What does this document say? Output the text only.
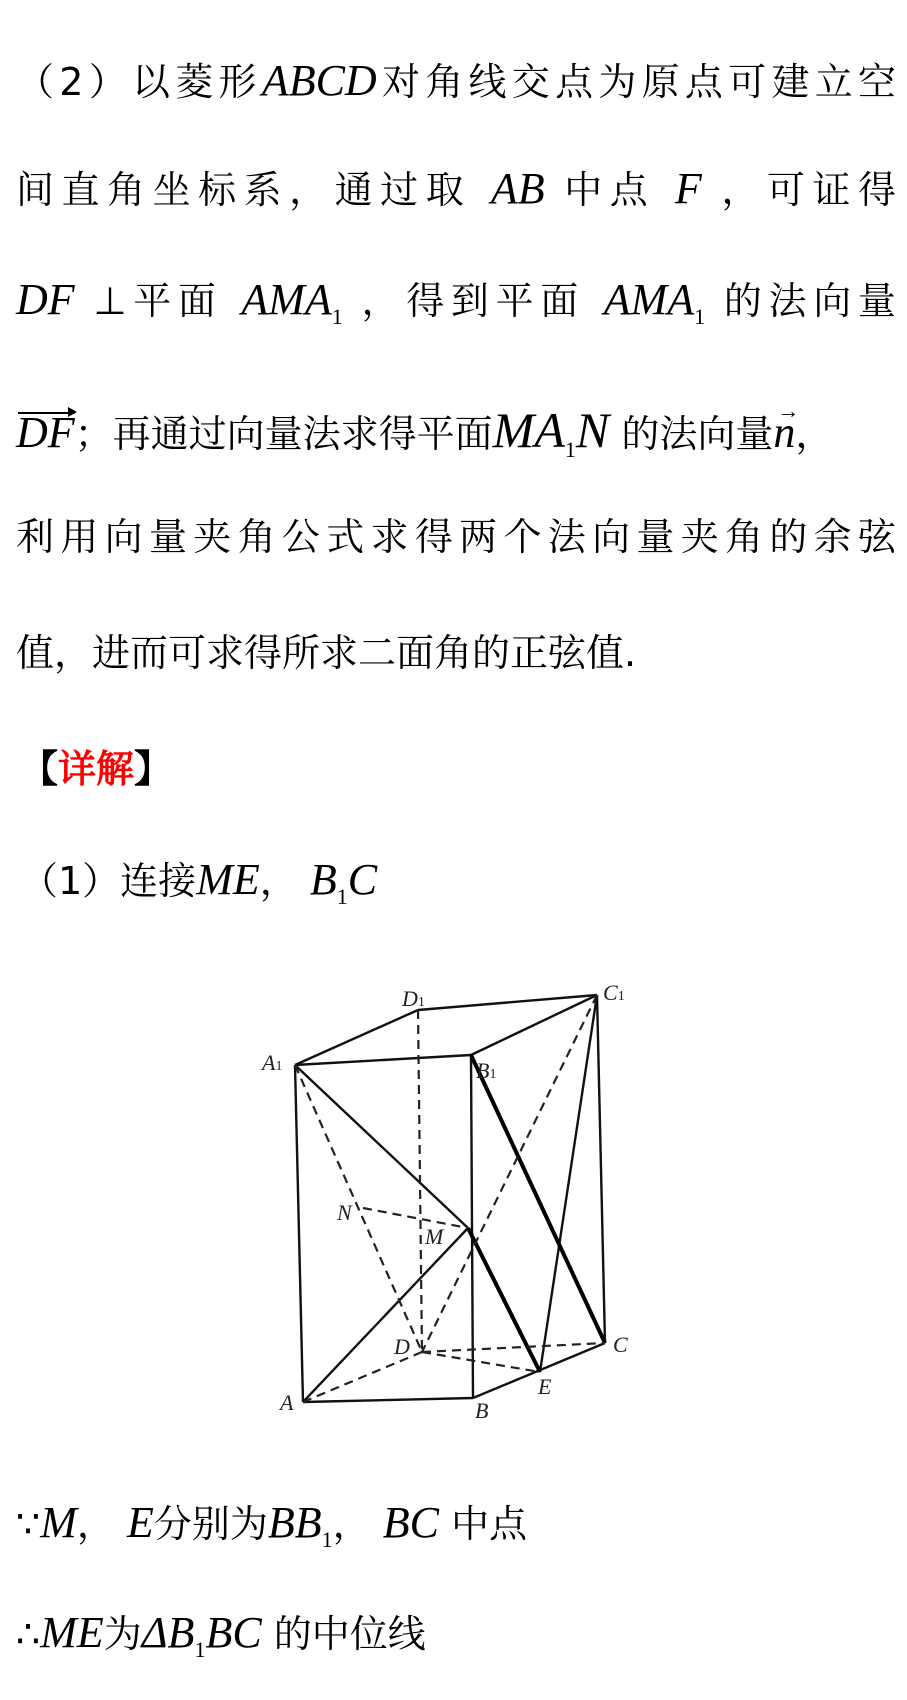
（2）以菱形ABCD对角线交点为原点可建立空
间直角坐标系，通过取 AB 中点 F ，可证得
DF ⊥平面 $AMA_1$ ，得到平面 $AMA_1$ 的法向量
DF；再通过向量法求得平面$MA_1N$ 的法向量→ n，
利用向量夹角公式求得两个法向量夹角的余弦
值，进而可求得所求二面角的正弦值.
【详解】
（1）连接ME， $B_1C$
A1
D1	C1
B1
N
M
D	C
E
A	B
∵M， E分别为$BB_1$， BC 中点
∴ME为$\Delta B_1BC$ 的中位线
